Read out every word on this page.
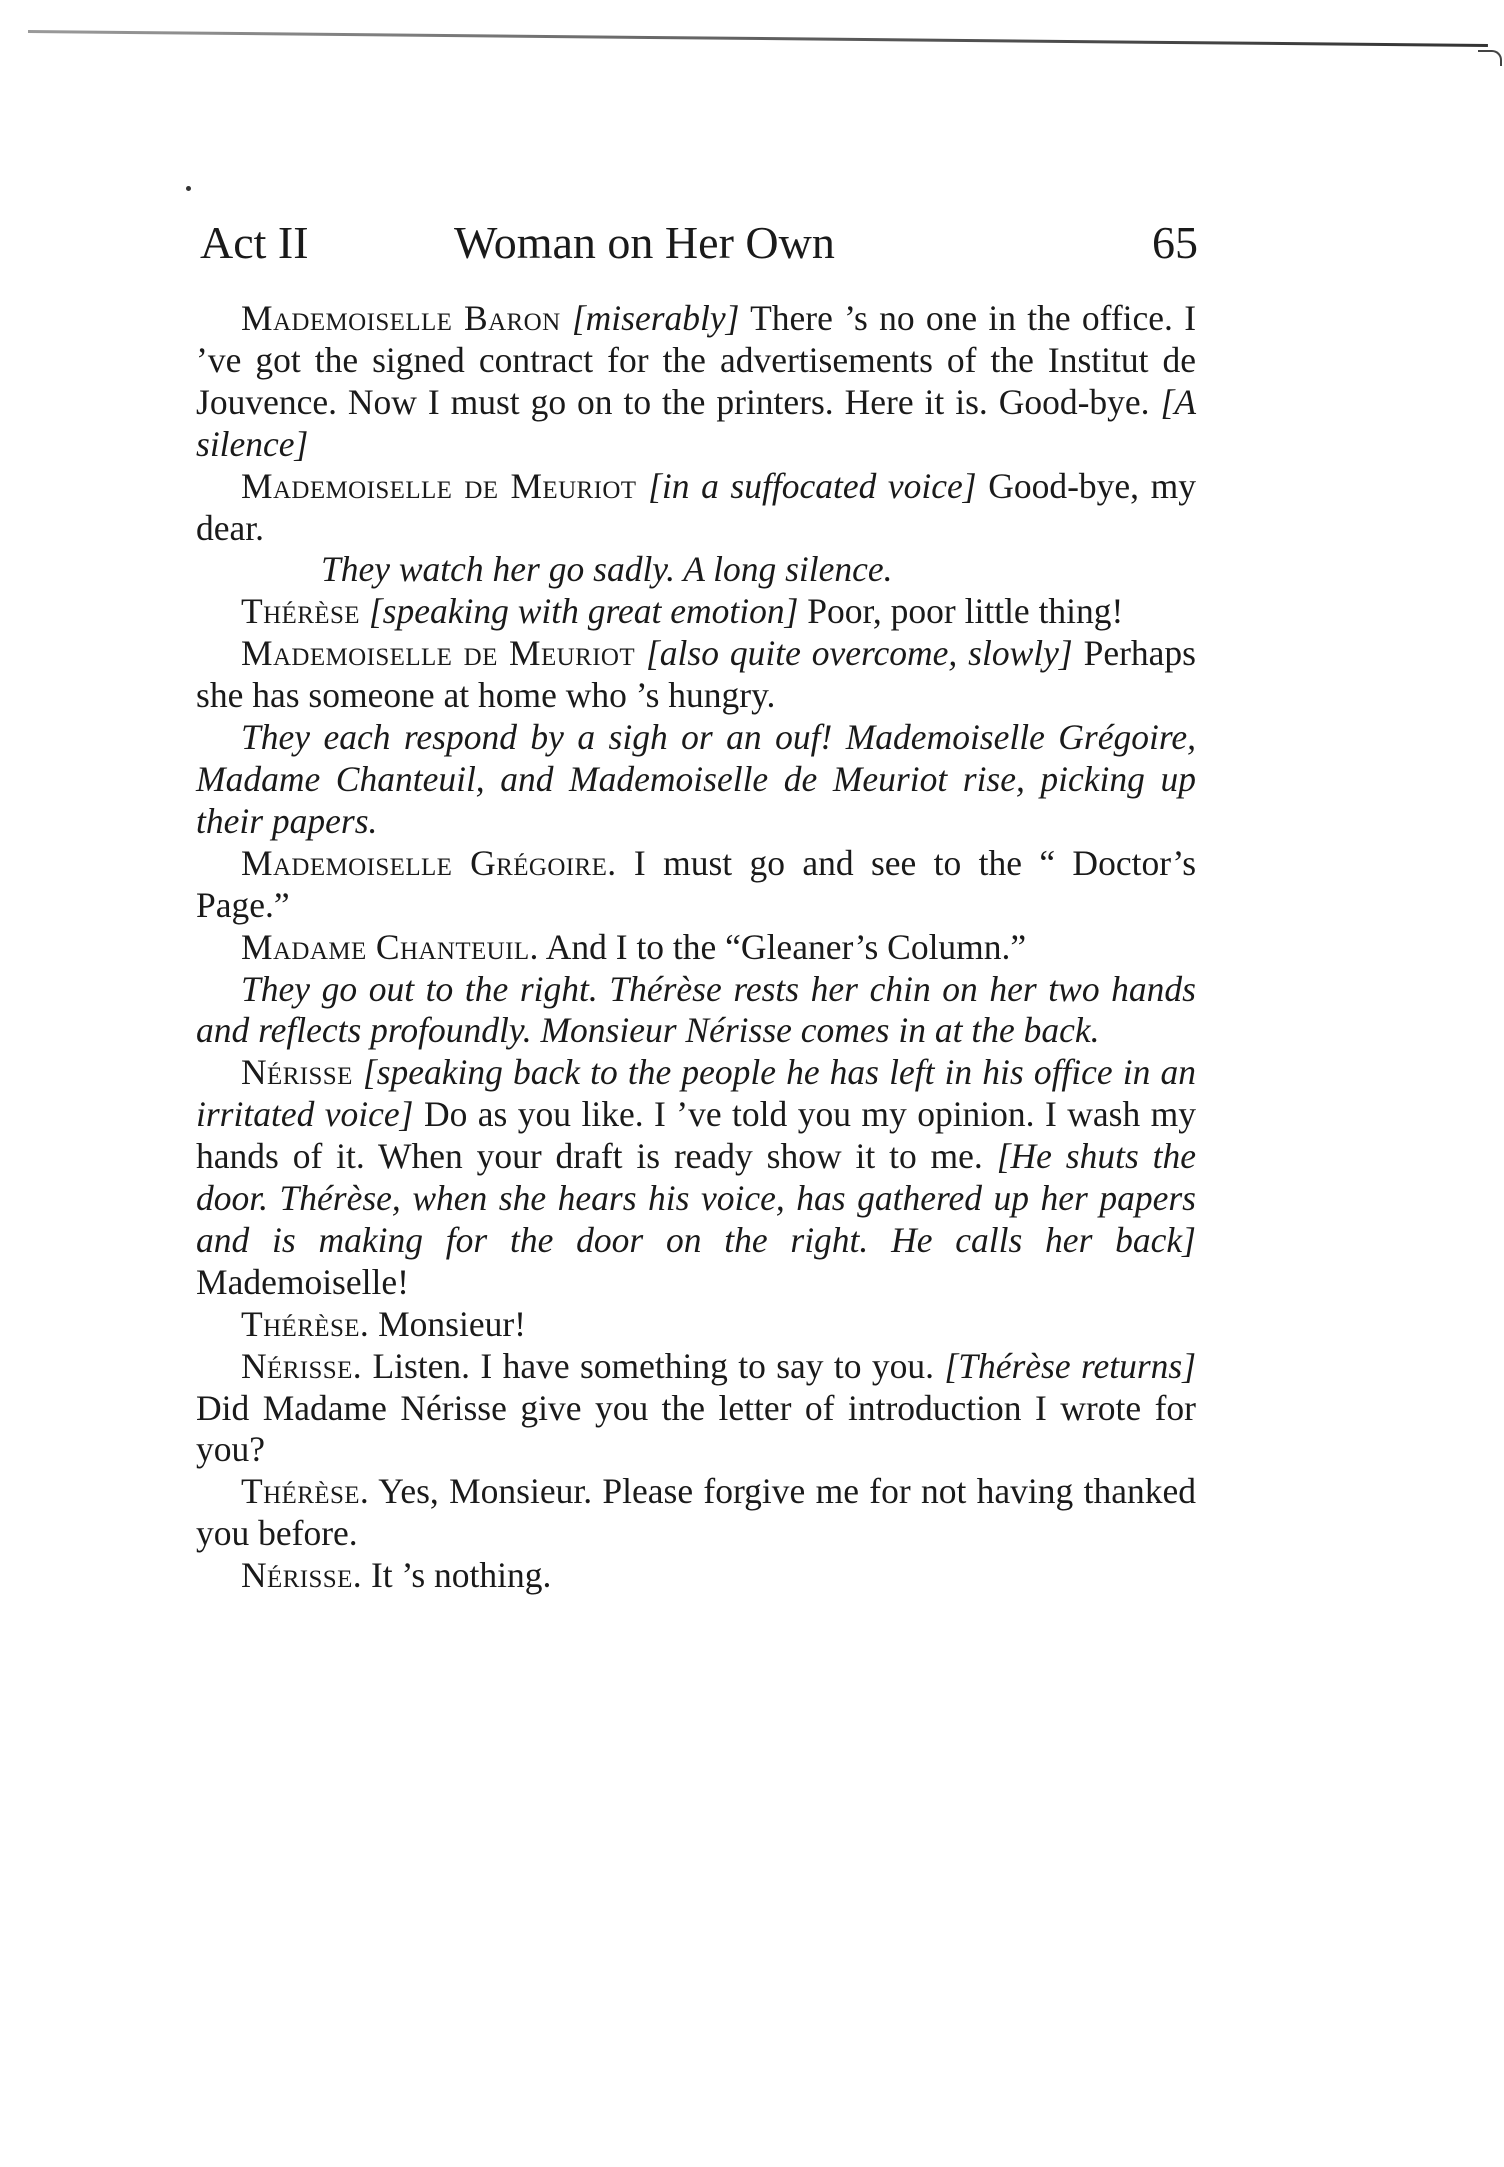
Act II	Woman on Her Own	65
Mademoiselle Baron [miserably] There ’s no one in the office. I ’ve got the signed contract for the advertisements of the Institut de Jouvence. Now I must go on to the printers. Here it is. Good-bye. [A silence]
Mademoiselle de Meuriot [in a suffocated voice] Good-bye, my dear.
They watch her go sadly. A long silence.
Thérèse [speaking with great emotion] Poor, poor little thing!
Mademoiselle de Meuriot [also quite overcome, slowly] Perhaps she has someone at home who ’s hungry.
They each respond by a sigh or an ouf! Mademoiselle Grégoire, Madame Chanteuil, and Mademoiselle de Meuriot rise, picking up their papers.
Mademoiselle Grégoire. I must go and see to the “ Doctor’s Page.”
Madame Chanteuil. And I to the “Gleaner’s Column.”
They go out to the right. Thérèse rests her chin on her two hands and reflects profoundly. Monsieur Nérisse comes in at the back.
Nérisse [speaking back to the people he has left in his office in an irritated voice] Do as you like. I ’ve told you my opinion. I wash my hands of it. When your draft is ready show it to me. [He shuts the door. Thérèse, when she hears his voice, has gathered up her papers and is making for the door on the right. He calls her back] Mademoiselle!
Thérèse. Monsieur!
Nérisse. Listen. I have something to say to you. [Thérèse returns] Did Madame Nérisse give you the letter of introduction I wrote for you?
Thérèse. Yes, Monsieur. Please forgive me for not having thanked you before.
Nérisse. It ’s nothing.
